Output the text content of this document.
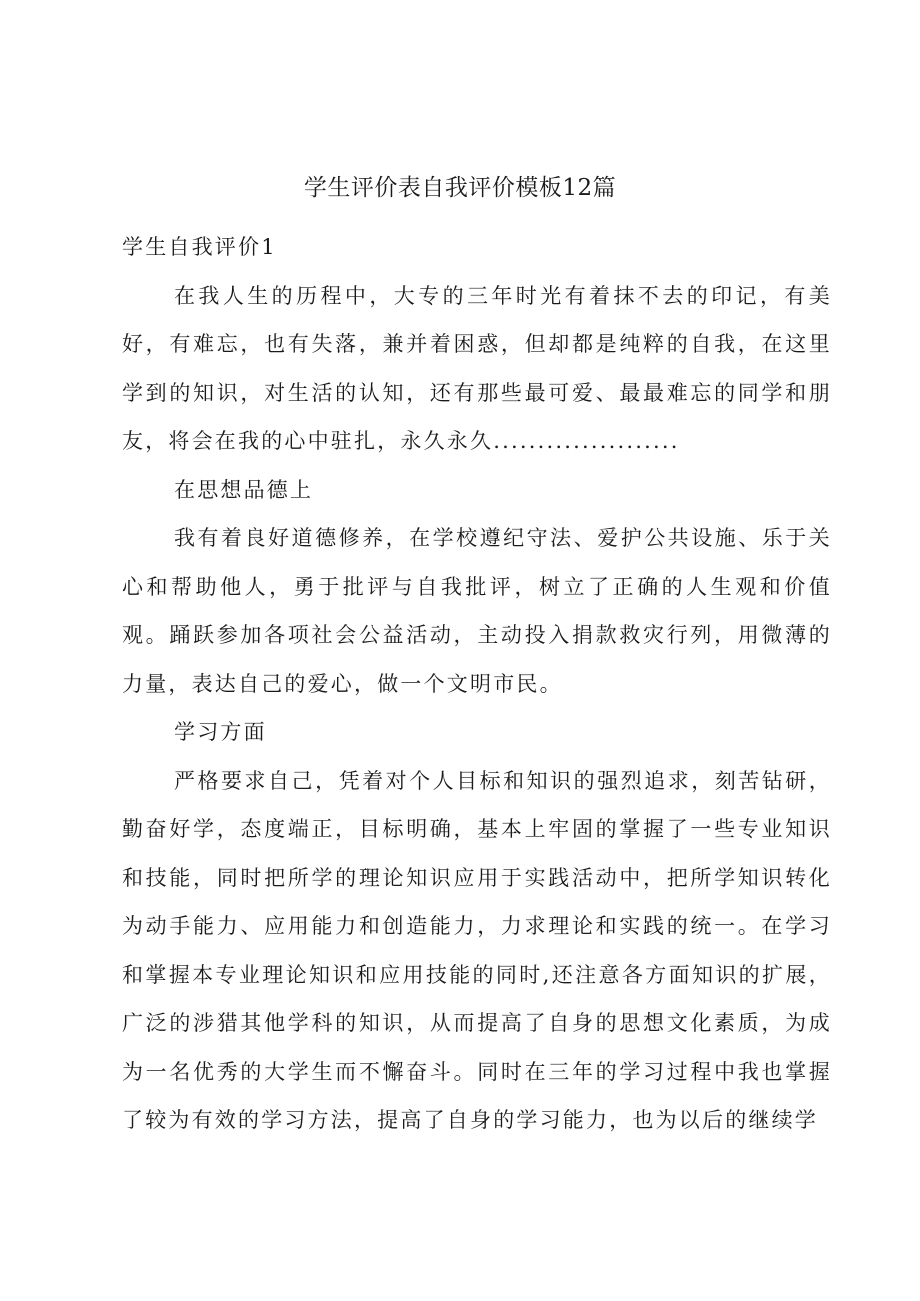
学生评价表自我评价模板12篇

学生自我评价1

在我人生的历程中，大专的三年时光有着抹不去的印记，有美好，有难忘，也有失落，兼并着困惑，但却都是纯粹的自我，在这里学到的知识，对生活的认知，还有那些最可爱、最最难忘的同学和朋友，将会在我的心中驻扎，永久永久.....................

在思想品德上

我有着良好道德修养，在学校遵纪守法、爱护公共设施、乐于关心和帮助他人，勇于批评与自我批评，树立了正确的人生观和价值观。踊跃参加各项社会公益活动，主动投入捐款救灾行列，用微薄的力量，表达自己的爱心，做一个文明市民。

学习方面

严格要求自己，凭着对个人目标和知识的强烈追求，刻苦钻研，勤奋好学，态度端正，目标明确，基本上牢固的掌握了一些专业知识和技能，同时把所学的理论知识应用于实践活动中，把所学知识转化为动手能力、应用能力和创造能力，力求理论和实践的统一。在学习和掌握本专业理论知识和应用技能的同时,还注意各方面知识的扩展，广泛的涉猎其他学科的知识，从而提高了自身的思想文化素质，为成为一名优秀的大学生而不懈奋斗。同时在三年的学习过程中我也掌握了较为有效的学习方法，提高了自身的学习能力，也为以后的继续学
